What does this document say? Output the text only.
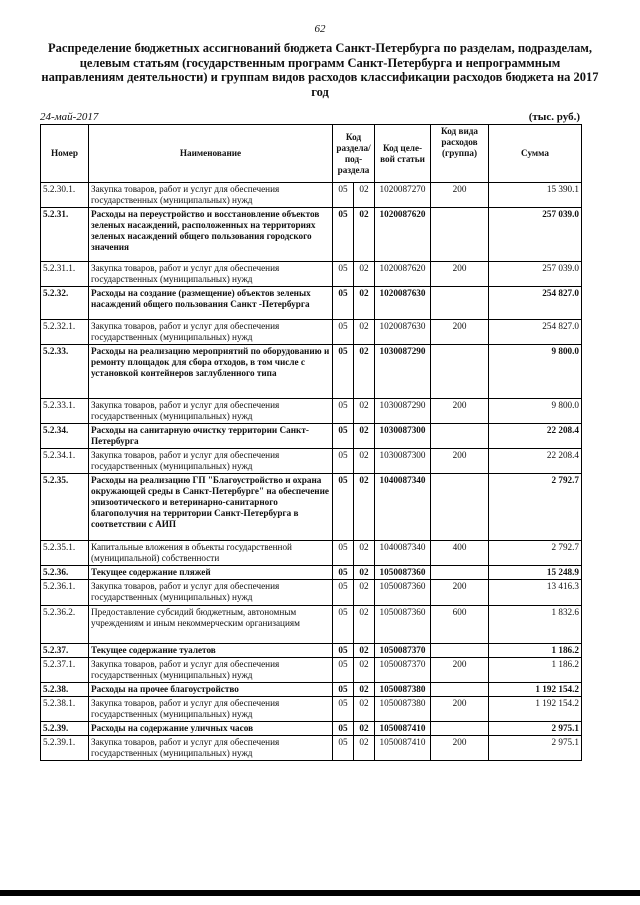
62
Распределение бюджетных ассигнований бюджета Санкт-Петербурга по разделам, подразделам, целевым статьям (государственным программ Санкт-Петербурга и непрограммным направлениям деятельности) и группам видов расходов классификации расходов бюджета на 2017 год
24-май-2017	(тыс. руб.)
Номер	Наименование	Код раздела/ под- раздела		Код целе- вой статьи	Код вида расходов (группа)	Сумма
5.2.30.1.	Закупка товаров, работ и услуг для обеспечения государственных (муниципальных) нужд	05	02	1020087270	200	15 390.1
5.2.31.	Расходы на переустройство и восстановление объектов зеленых насаждений, расположенных на территориях зеленых насаждений общего пользования городского значения	05	02	1020087620		257 039.0
5.2.31.1.	Закупка товаров, работ и услуг для обеспечения государственных (муниципальных) нужд	05	02	1020087620	200	257 039.0
5.2.32.	Расходы на создание (размещение) объектов зеленых насаждений общего пользования Санкт -Петербурга	05	02	1020087630		254 827.0
5.2.32.1.	Закупка товаров, работ и услуг для обеспечения государственных (муниципальных) нужд	05	02	1020087630	200	254 827.0
5.2.33.	Расходы на реализацию мероприятий по оборудованию и ремонту площадок для сбора отходов, в том числе с установкой контейнеров заглубленного типа	05	02	1030087290		9 800.0
5.2.33.1.	Закупка товаров, работ и услуг для обеспечения государственных (муниципальных) нужд	05	02	1030087290	200	9 800.0
5.2.34.	Расходы на санитарную очистку территории Санкт-Петербурга	05	02	1030087300		22 208.4
5.2.34.1.	Закупка товаров, работ и услуг для обеспечения государственных (муниципальных) нужд	05	02	1030087300	200	22 208.4
5.2.35.	Расходы на реализацию ГП "Благоустройство и охрана окружающей среды в Санкт-Петербурге" на обеспечение эпизоотического и ветеринарно-санитарного благополучия на территории Санкт-Петербурга в соответствии с АИП	05	02	1040087340		2 792.7
5.2.35.1.	Капитальные вложения в объекты государственной (муниципальной) собственности	05	02	1040087340	400	2 792.7
5.2.36.	Текущее содержание пляжей	05	02	1050087360		15 248.9
5.2.36.1.	Закупка товаров, работ и услуг для обеспечения государственных (муниципальных) нужд	05	02	1050087360	200	13 416.3
5.2.36.2.	Предоставление субсидий бюджетным, автономным учреждениям и иным некоммерческим организациям	05	02	1050087360	600	1 832.6
5.2.37.	Текущее содержание туалетов	05	02	1050087370		1 186.2
5.2.37.1.	Закупка товаров, работ и услуг для обеспечения государственных (муниципальных) нужд	05	02	1050087370	200	1 186.2
5.2.38.	Расходы на прочее благоустройство	05	02	1050087380		1 192 154.2
5.2.38.1.	Закупка товаров, работ и услуг для обеспечения государственных (муниципальных) нужд	05	02	1050087380	200	1 192 154.2
5.2.39.	Расходы на содержание уличных часов	05	02	1050087410		2 975.1
5.2.39.1.	Закупка товаров, работ и услуг для обеспечения государственных (муниципальных) нужд	05	02	1050087410	200	2 975.1
